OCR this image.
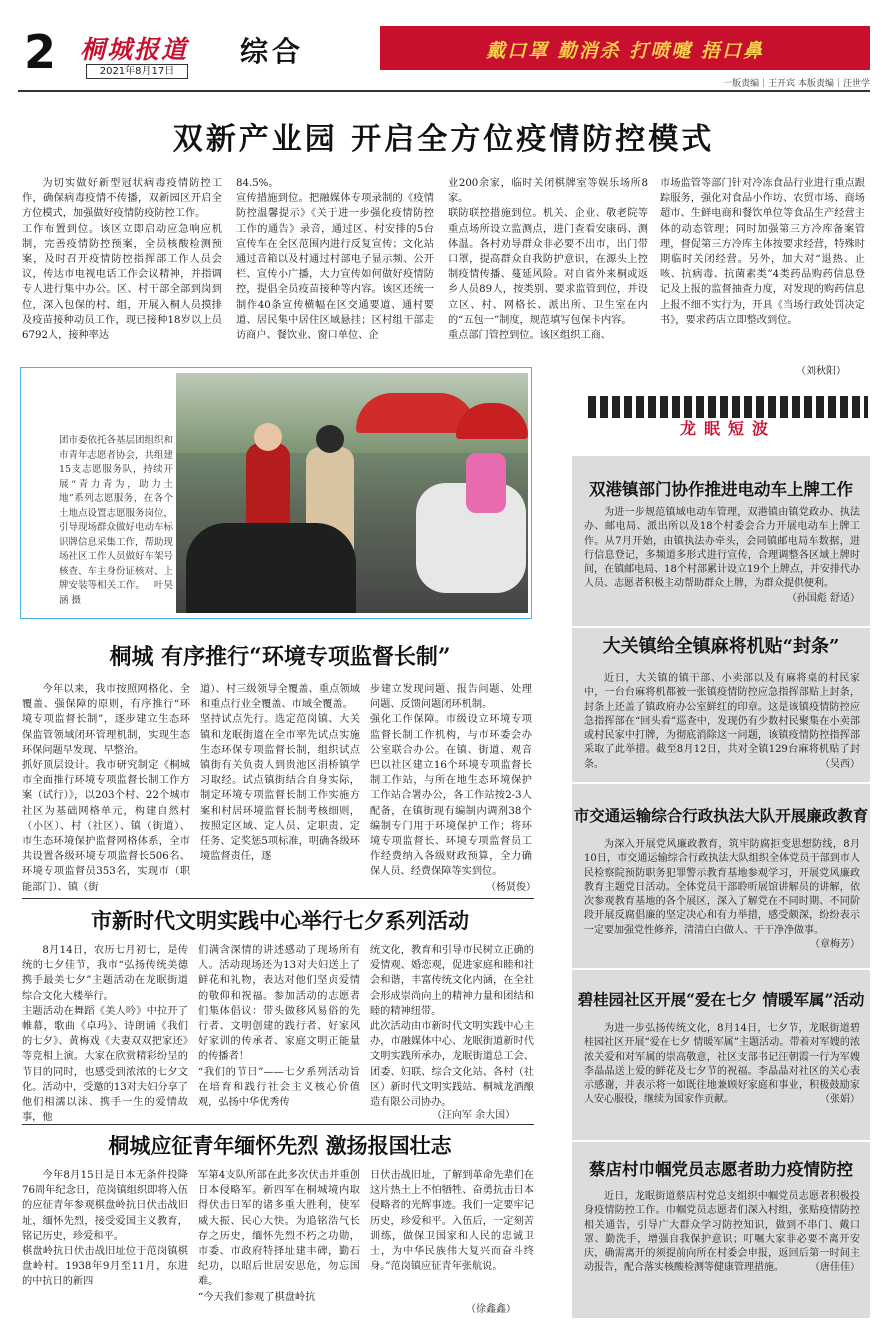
2 桐城报道
2021年8月17日
综合	戴口罩 勤消杀 打喷嚏 捂口鼻
一版责编｜王开宾 本版责编｜汪世学
双新产业园 开启全方位疫情防控模式

为切实做好新型冠状病毒疫情防控工作，确保病毒疫情不传播，双新园区开启全方位模式，加强做好疫情防疫防控工作。
工作布置到位。该区立即启动应急响应机制，完善疫情防控预案，全员核酸检测预案，及时召开疫情防控指挥部工作人员会议，传达市电视电话工作会议精神，并指调专人进行集中办公。区、村干部全部到岗到位，深入包保的村、组，开展入桐人员摸排及疫苗接种动员工作，现已接种18岁以上员6792人，接种率达

84.5%。
宣传措施到位。把融媒体专项录制的《疫情防控温馨提示》《关于进一步强化疫情防控工作的通告》录音，通过区、村安排的5台宣传车在全区范围内进行反复宣传；文化站通过音箱以及村通过村部电子显示频、公开栏、宣传小广播，大力宣传如何做好疫情防控，提倡全员疫苗接种等内容。该区还统一制作40条宣传横幅在区交通要道、通村要道、居民集中居住区域悬挂；区村组干部走访商户、餐饮业、窗口单位、企

业200余家，临时关闭棋牌室等娱乐场所8家。
联防联控措施到位。机关、企业、敬老院等重点场所设立监测点，进门查看安康码、测体温。各村劝导群众非必要不出市，出门带口罩，提高群众自我防护意识，在源头上控制疫情传播、蔓延风险。对自省外来桐或返乡人员89人，按类别、要求监管到位，并设立区、村、网格长、派出所、卫生室在内的“五包一”制度，规范填写包保卡内容。
重点部门管控到位。该区组织工商、

市场监管等部门针对冷冻食品行业进行重点跟踪服务，强化对食品小作坊、农贸市场、商场超市、生鲜电商和餐饮单位等食品生产经营主体的动态管理；同时加强第三方冷库备案管理，督促第三方冷库主体按要求经营，特殊时期临时关闭经营。另外，加大对“退热、止咳、抗病毒、抗菌素类”4类药品购药信息登记及上报的监督抽查力度，对发现的购药信息上报不细不实行为，开具《当场行政处罚决定书》，要求药店立即整改到位。

（刘秋阳）
团市委依托各基层团组织和市青年志愿者协会，共组建15支志愿服务队，持续开展“青力青为，助力土地”系列志愿服务，在各个土地点设置志愿服务岗位，引导现场群众做好电动车标识牌信息采集工作，帮助现场社区工作人员做好车架号核查、车主身份证核对、上牌安装等相关工作。 叶昊涵 摄
桐城 有序推行“环境专项监督长制”

今年以来，我市按照网格化、全覆盖、强保障的原则，有序推行“环境专项监督长制”，逐步建立生态环保监管领域闭环管理机制，实现生态环保问题早发现、早整治。
抓好顶层设计。我市研究制定《桐城市全面推行环境专项监督长制工作方案（试行）》，以203个村、22个城市社区为基础网格单元，构建自然村（小区）、村（社区）、镇（街道）、市生态环境保护监督网格体系，全市共设置各级环境专项监督长506名、环境专项监督员353名，实现市（职能部门）、镇（街

道）、村三级领导全覆盖、重点领域和重点行业全覆盖、市域全覆盖。
坚持试点先行。选定范岗镇、大关镇和龙眠街道在全市率先试点实施生态环保专项监督长制，组织试点镇街有关负责人到贵池区涓桥镇学习取经。试点镇街结合自身实际，制定环境专项监督长制工作实施方案和村居环境监督长制考核细则，按照定区域、定人员、定职责、定任务、定奖惩5项标准，明确各级环境监督责任，逐

步建立发现问题、报告问题、处理问题、反馈问题闭环机制。
强化工作保障。市级设立环境专项监督长制工作机构，与市环委会办公室联合办公。在镇、街道、观音巴以社区建立16个环境专项监督长制工作站，与所在地生态环境保护工作站合署办公，各工作站按2-3人配备，在镇街现有编制内调剂38个编制专门用于环境保护工作；将环境专项监督长、环境专项监督员工作经费纳入各级财政预算，全力确保人员、经费保障等实到位。

（杨贤俊）
市新时代文明实践中心举行七夕系列活动

8月14日，农历七月初七，是传统的七夕佳节，我市“弘扬传统美德 携手最美七夕”主题活动在龙眠街道综合文化大楼举行。
主题活动在舞蹈《美人吟》中拉开了帷幕，歌曲《卓玛》、诗朗诵《我们的七夕》、黄梅戏《夫妻双双把家还》等竞相上演。大家在欣赏精彩纷呈的节目的同时，也感受到浓浓的七夕文化。活动中，受邀的13对夫妇分享了他们相濡以沫、携手一生的爱情故事，他

们满含深情的讲述感动了现场所有人。活动现场还为13对夫妇送上了鲜花和礼物，表达对他们坚贞爱情的敬仰和祝福。参加活动的志愿者们集体倡议：带头做移风易俗的先行者、文明创建的践行者、好家风好家训的传承者、家庭文明正能量的传播者！
“我们的节日”——七夕系列活动旨在培育和践行社会主义核心价值观，弘扬中华优秀传

统文化，教育和引导市民树立正确的爱情观、婚恋观，促进家庭和睦和社会和谐，丰富传统文化内涵，在全社会形成崇尚向上的精神力量和团结和睦的精神纽带。
此次活动由市新时代文明实践中心主办，市融媒体中心、龙眠街道新时代文明实践所承办，龙眠街道总工会、团委、妇联、综合文化站、各村（社区）新时代文明实践站、桐城龙酒酿造有限公司协办。

（汪向军 余大国）
桐城应征青年缅怀先烈 激扬报国壮志

今年8月15日是日本无条件投降76周年纪念日，范岗镇组织即将入伍的应征青年参观棋盘岭抗日伏击战旧址，缅怀先烈，接受爱国主义教育，铭记历史，珍爱和平。
棋盘岭抗日伏击战旧址位于范岗镇棋盘岭村。1938年9月至11月，东进的中抗日的新四

军第4支队所部在此多次伏击并重创日本侵略军。新四军在桐城境内取得伏击日军的诸多重大胜利，使军威大振、民心大快。为追铭浩气长存之历史，缅怀先烈不朽之功勋，市委、市政府特择址建丰碑，勤石纪功，以昭后世居安思危，勿忘国难。
“今天我们参观了棋盘岭抗

日伏击战旧址，了解到革命先辈们在这片热土上不怕牺牲、奋勇抗击日本侵略者的光辉事迹。我们一定要牢记历史，珍爱和平。入伍后，一定刻苦训练，做保卫国家和人民的忠诚卫士，为中华民族伟大复兴而奋斗终身。”范岗镇应征青年张航说。

（徐鑫鑫）
龙眠短波
双港镇部门协作推进电动车上牌工作

为进一步规范镇域电动车管理，双港镇由镇党政办、执法办、邮电局、派出所以及18个村委会合力开展电动车上牌工作。从7月开始，由镇执法办牵头，会同镇邮电局车数据，进行信息登记，多频道多形式进行宣传，合理调整各区域上牌时间，在镇邮电局、18个村部累计设立19个上牌点，并安排代办人员、志愿者积极主动帮助群众上牌，为群众提供便利。
（孙国彪 舒适）

大关镇给全镇麻将机贴“封条”

近日，大关镇的镇干部、小卖部以及有麻将桌的村民家中，一台台麻将机都被一张镇疫情防控应急指挥部贴上封条，封条上还盖了镇政府办公室鲜红的印章。这是该镇疫情防控应急指挥部在“回头看”巡查中，发现仍有少数村民聚集在小卖部或村民家中打牌，为彻底消除这一问题，该镇疫情防控指挥部采取了此举措。截至8月12日，共对全镇129台麻将机贴了封条。	（吴西）

市交通运输综合行政执法大队开展廉政教育

为深入开展党风廉政教育，筑牢防腐拒变思想防线，8月10日，市交通运输综合行政执法大队组织全体党员干部到市人民检察院预防职务犯罪警示教育基地参观学习，开展党风廉政教育主题党日活动。全体党员干部聆听展馆讲解员的讲解，依次参观教育基地的各个展区，深入了解党在不同时期、不同阶段开展反腐倡廉的坚定决心和有力举措，感受颇深，纷纷表示一定要加强党性修养，清清白白做人、干干净净做事。
（章梅芳）

碧桂园社区开展“爱在七夕 情暖军属”活动

为进一步弘扬传统文化，8月14日，七夕节，龙眠街道碧桂园社区开展“爱在七夕 情暖军属”主题活动。带着对军嫂的浓浓关爱和对军属的崇高敬意，社区支部书记汪朝霞一行为军嫂李晶晶送上爱的鲜花及七夕节的祝福。李晶晶对社区的关心表示感谢，并表示将一如既往地兼顾好家庭和事业，积极鼓励家人安心服役，继续为国家作贡献。	（张娟）

蔡店村巾帼党员志愿者助力疫情防控

近日，龙眠街道蔡店村党总支组织中帼党员志愿者积极投身疫情防控工作。巾帼党员志愿者们深入村组，张贴疫情防控相关通告，引导广大群众学习防控知识，做到不串门、戴口罩、勤洗手，增强自我保护意识；叮嘱大家非必要不离开安庆，确需离开的须提前向所在村委会申报，返回后第一时间主动报告，配合落实核酸检测等健康管理措施。	（唐佳佳）
